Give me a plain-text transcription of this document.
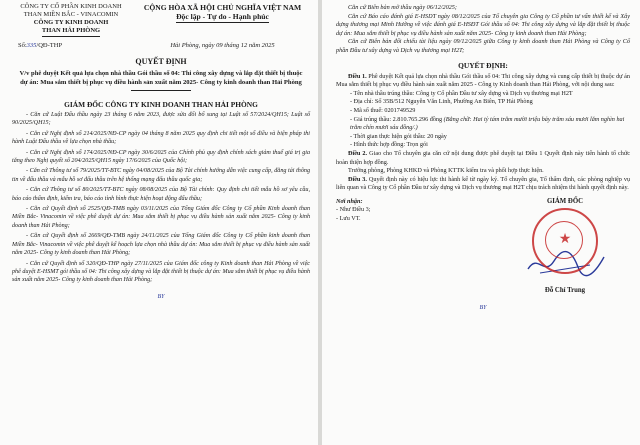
CÔNG TY CỔ PHẦN KINH DOANH
THAN MIỀN BẮC - VINACOMIN
CÔNG TY KINH DOANH
THAN HẢI PHÒNG
CỘNG HÒA XÃ HỘI CHỦ NGHĨA VIỆT NAM
Độc lập - Tự do - Hạnh phúc
Số:335/QĐ-THP	Hải Phòng, ngày 09 tháng 12 năm 2025
QUYẾT ĐỊNH
V/v phê duyệt Kết quả lựa chọn nhà thầu Gói thầu số 04: Thi công xây dựng và lắp đặt thiết bị thuộc dự án: Mua sắm thiết bị phục vụ điều hành sản xuất năm 2025- Công ty kinh doanh than Hải Phòng
GIÁM ĐỐC CÔNG TY KINH DOANH THAN HẢI PHÒNG

- Căn cứ Luật Đấu thầu ngày 23 tháng 6 năm 2023, được sửa đổi bổ sung tại Luật số 57/2024/QH15; Luật số 90/2025/QH15;

- Căn cứ Nghị định số 214/2025/NĐ-CP ngày 04 tháng 8 năm 2025 quy định chi tiết một số điều và biện pháp thi hành Luật Đấu thầu về lựa chọn nhà thầu;

- Căn cứ Nghị định số 174/2025/NĐ-CP ngày 30/6/2025 của Chính phủ quy định chính sách giảm thuế giá trị gia tăng theo Nghị quyết số 204/2025/QH15 ngày 17/6/2025 của Quốc hội;

- Căn cứ Thông tư số 79/2025/TT-BTC ngày 04/08/2025 của Bộ Tài chính hướng dẫn việc cung cấp, đăng tải thông tin về đấu thầu và mẫu hồ sơ đấu thầu trên hệ thống mạng đấu thầu quốc gia;

- Căn cứ Thông tư số 80/2025/TT-BTC ngày 08/08/2025 của Bộ Tài chính: Quy định chi tiết mẫu hồ sơ yêu cầu, báo cáo thẩm định, kiểm tra, báo cáo tình hình thực hiện hoạt động đấu thầu;

- Căn cứ Quyết định số 2525/QĐ-TMB ngày 03/11/2025 của Tổng Giám đốc Công ty Cổ phần Kinh doanh than Miền Bắc- Vinacomin về việc phê duyệt dự án: Mua sắm thiết bị phục vụ điều hành sản xuất năm 2025- Công ty kinh doanh than Hải Phòng;

- Căn cứ Quyết định số 2669/QĐ-TMB ngày 24/11/2025 của Tổng Giám đốc Công ty Cổ phần kinh doanh than Miền Bắc- Vinacomin về việc phê duyệt kế hoạch lựa chọn nhà thầu dự án: Mua sắm thiết bị phục vụ điều hành sản xuất năm 2025- Công ty kinh doanh than Hải Phòng;

- Căn cứ Quyết định số 320/QĐ-THP ngày 27/11/2025 của Giám đốc công ty Kinh doanh than Hải Phòng về việc phê duyệt E-HSMT gói thầu số 04: Thi công xây dựng và lắp đặt thiết bị thuộc dự án: Mua sắm thiết bị phục vụ điều hành sản xuất năm 2025- Công ty kinh doanh than Hải Phòng;

BY

Căn cứ Biên bản mở thầu ngày 06/12/2025;

Căn cứ Báo cáo đánh giá E-HSDT ngày 08/12/2025 của Tổ chuyên gia Công ty Cổ phần tư vấn thiết kế và Xây dựng thương mại Minh Hưởng về việc đánh giá E-HSĐT Gói thầu số 04: Thi công xây dựng và lắp đặt thiết bị thuộc dự án: Mua sắm thiết bị phục vụ điều hành sản xuất năm 2025- Công ty kinh doanh than Hải Phòng;

Căn cứ Biên bản đối chiếu tài liệu ngày 09/12/2025 giữa Công ty kinh doanh than Hải Phòng và Công ty Cổ phần Đầu tư xây dựng và Dịch vụ thương mại H2T;

QUYẾT ĐỊNH:

Điều 1. Phê duyệt Kết quả lựa chọn nhà thầu Gói thầu số 04: Thi công xây dựng và cung cấp thiết bị thuộc dự án Mua sắm thiết bị phục vụ điều hành sản xuất năm 2025 - Công ty Kinh doanh than Hải Phòng, với nội dung sau:

- Tên nhà thầu trúng thầu: Công ty Cổ phần Đầu tư xây dựng và Dịch vụ thương mại H2T

- Địa chỉ: Số 35B/512 Nguyễn Văn Linh, Phường An Biên, TP Hải Phòng

- Mã số thuế: 0201749529

- Giá trúng thầu: 2.810.765.296 đồng (Bằng chữ: Hai tỷ tám trăm mười triệu bảy trăm sáu mươi lăm nghìn hai trăm chín mươi sáu đồng/.)

- Thời gian thực hiện gói thầu: 20 ngày

- Hình thức hợp đồng: Trọn gói

Điều 2. Giao cho Tổ chuyên gia căn cứ nội dung được phê duyệt tại Điều 1 Quyết định này tiến hành tổ chức hoàn thiện hợp đồng.

Trưởng phòng, Phòng KHKD và Phòng KTTK kiểm tra và phối hợp thực hiện.

Điều 3. Quyết định này có hiệu lực thi hành kể từ ngày ký. Tổ chuyên gia, Tổ thẩm định, các phòng nghiệp vụ liên quan và Công ty Cổ phần Đầu tư xây dựng và Dịch vụ thương mại H2T chịu trách nhiệm thi hành quyết định này.

Nơi nhận:
- Như Điều 3;
- Lưu VT.
GIÁM ĐỐC
★
Đỗ Chí Trung
BY
